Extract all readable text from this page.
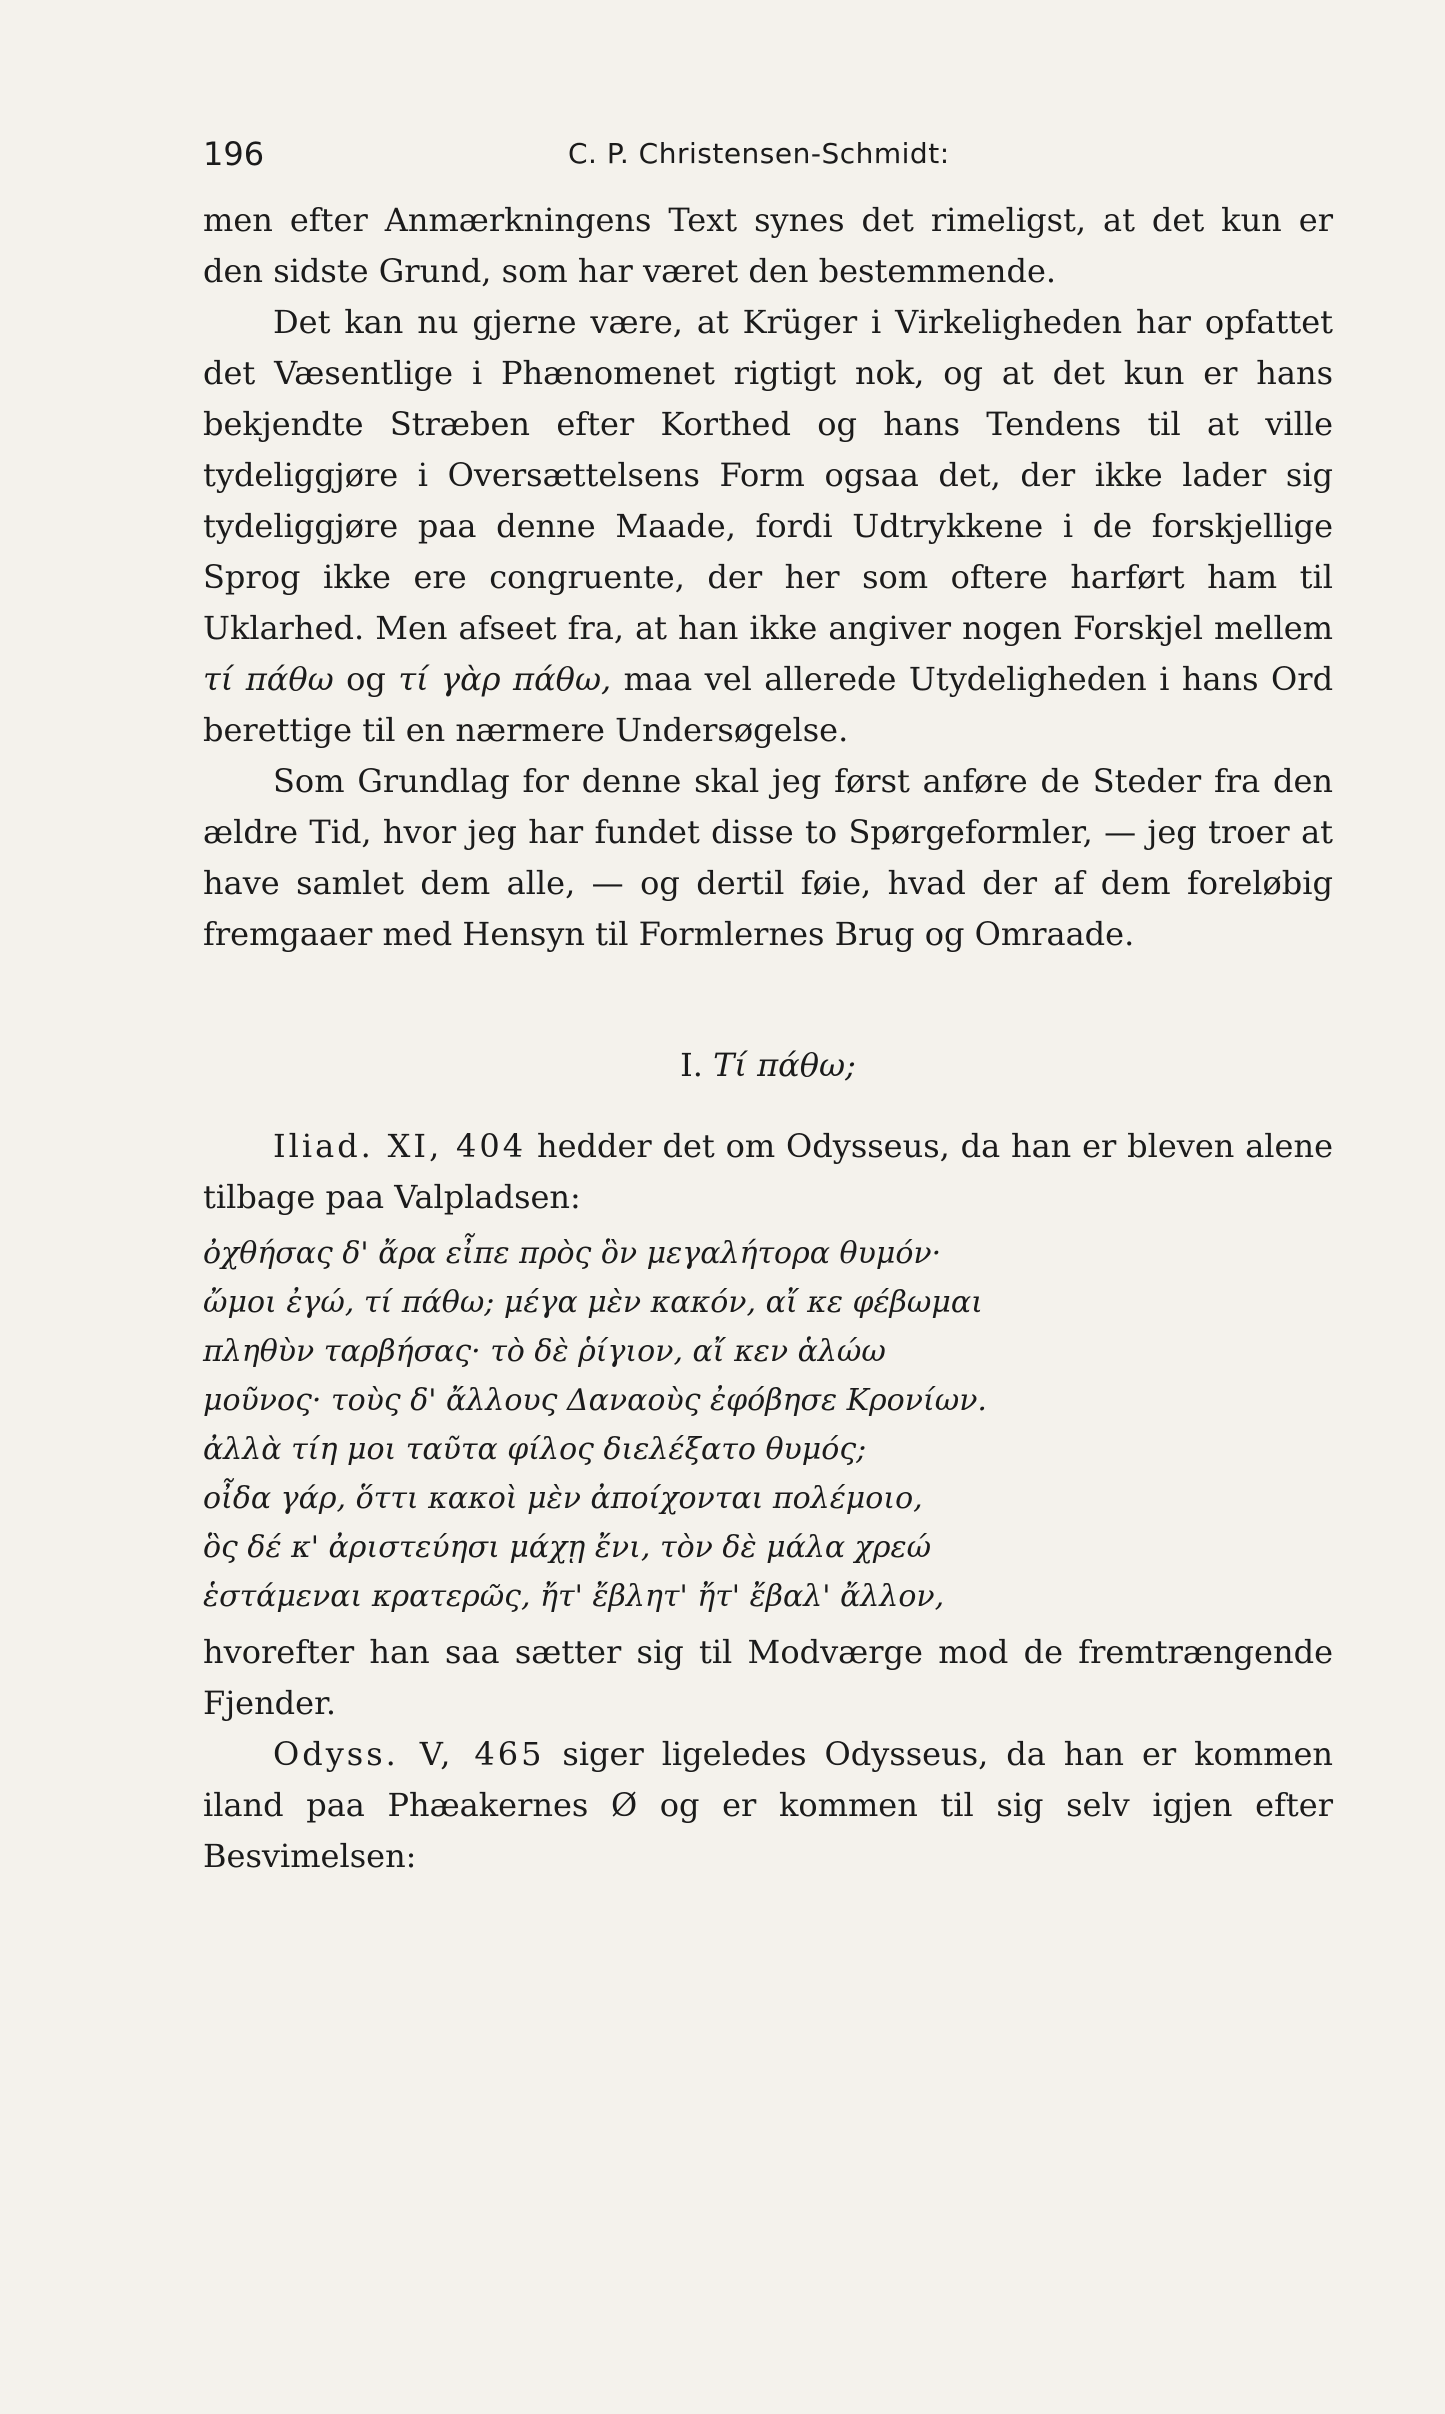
196	C. P. Christensen-Schmidt:

men efter Anmærkningens Text synes det rimeligst, at det kun er den sidste Grund, som har været den bestemmende.

Det kan nu gjerne være, at Krüger i Virkeligheden har opfattet det Væsentlige i Phænomenet rigtigt nok, og at det kun er hans bekjendte Stræben efter Korthed og hans Tendens til at ville tydeliggjøre i Oversættelsens Form ogsaa det, der ikke lader sig tydeliggjøre paa denne Maade, fordi Udtrykkene i de forskjellige Sprog ikke ere congruente, der her som oftere harført ham til Uklarhed. Men afseet fra, at han ikke angiver nogen Forskjel mellem τί πάθω og τί γὰρ πάθω, maa vel allerede Utydeligheden i hans Ord berettige til en nærmere Undersøgelse.

Som Grundlag for denne skal jeg først anføre de Steder fra den ældre Tid, hvor jeg har fundet disse to Spørgeformler, — jeg troer at have samlet dem alle, — og dertil føie, hvad der af dem foreløbig fremgaaer med Hensyn til Formlernes Brug og Omraade.

I. Τί πάθω;

Iliad. XI, 404 hedder det om Odysseus, da han er bleven alene tilbage paa Valpladsen:

ὀχθήσας δ' ἄρα εἶπε πρὸς ὃν μεγαλήτορα θυμόν·
ὤμοι ἐγώ, τί πάθω; μέγα μὲν κακόν, αἴ κε φέβωμαι
πληθὺν ταρβήσας· τὸ δὲ ῥίγιον, αἴ κεν ἁλώω
μοῦνος· τοὺς δ' ἄλλους Δαναοὺς ἐφόβησε Κρονίων.
ἀλλὰ τίη μοι ταῦτα φίλος διελέξατο θυμός;
οἶδα γάρ, ὅττι κακοὶ μὲν ἀποίχονται πολέμοιο,
ὃς δέ κ' ἀριστεύησι μάχῃ ἔνι, τὸν δὲ μάλα χρεώ
ἑστάμεναι κρατερῶς, ἤτ' ἔβλητ' ἤτ' ἔβαλ' ἄλλον,

hvorefter han saa sætter sig til Modværge mod de fremtrængende Fjender.

Odyss. V, 465 siger ligeledes Odysseus, da han er kommen iland paa Phæakernes Ø og er kommen til sig selv igjen efter Besvimelsen:
